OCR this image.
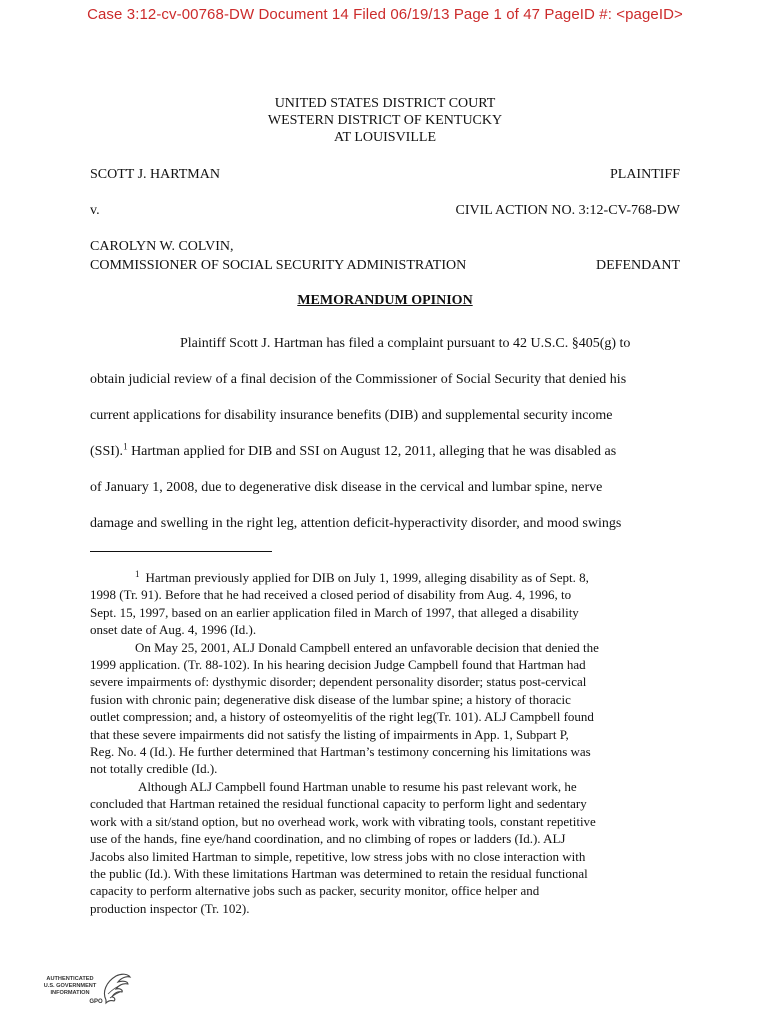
Case 3:12-cv-00768-DW Document 14 Filed 06/19/13 Page 1 of 47 PageID #: <pageID>
UNITED STATES DISTRICT COURT
WESTERN DISTRICT OF KENTUCKY
AT LOUISVILLE
SCOTT J. HARTMAN	PLAINTIFF
v.	CIVIL ACTION NO. 3:12-CV-768-DW
CAROLYN W. COLVIN,
COMMISSIONER OF SOCIAL SECURITY ADMINISTRATION	DEFENDANT
MEMORANDUM OPINION
Plaintiff Scott J. Hartman has filed a complaint pursuant to 42 U.S.C. §405(g) to
obtain judicial review of a final decision of the Commissioner of Social Security that denied his
current applications for disability insurance benefits (DIB) and supplemental security income
(SSI).$^1$ Hartman applied for DIB and SSI on August 12, 2011, alleging that he was disabled as
of January 1, 2008, due to degenerative disk disease in the cervical and lumbar spine, nerve
damage and swelling in the right leg, attention deficit-hyperactivity disorder, and mood swings

$^1$ Hartman previously applied for DIB on July 1, 1999, alleging disability as of Sept. 8,
1998 (Tr. 91). Before that he had received a closed period of disability from Aug. 4, 1996, to
Sept. 15, 1997, based on an earlier application filed in March of 1997, that alleged a disability
onset date of Aug. 4, 1996 (Id.).

On May 25, 2001, ALJ Donald Campbell entered an unfavorable decision that denied the
1999 application. (Tr. 88-102). In his hearing decision Judge Campbell found that Hartman had
severe impairments of: dysthymic disorder; dependent personality disorder; status post-cervical
fusion with chronic pain; degenerative disk disease of the lumbar spine; a history of thoracic
outlet compression; and, a history of osteomyelitis of the right leg(Tr. 101). ALJ Campbell found
that these severe impairments did not satisfy the listing of impairments in App. 1, Subpart P,
Reg. No. 4 (Id.). He further determined that Hartman’s testimony concerning his limitations was
not totally credible (Id.).

Although ALJ Campbell found Hartman unable to resume his past relevant work, he
concluded that Hartman retained the residual functional capacity to perform light and sedentary
work with a sit/stand option, but no overhead work, work with vibrating tools, constant repetitive
use of the hands, fine eye/hand coordination, and no climbing of ropes or ladders (Id.). ALJ
Jacobs also limited Hartman to simple, repetitive, low stress jobs with no close interaction with
the public (Id.). With these limitations Hartman was determined to retain the residual functional
capacity to perform alternative jobs such as packer, security monitor, office helper and
production inspector (Tr. 102).

AUTHENTICATED
U.S. GOVERNMENT
INFORMATION
GPO
